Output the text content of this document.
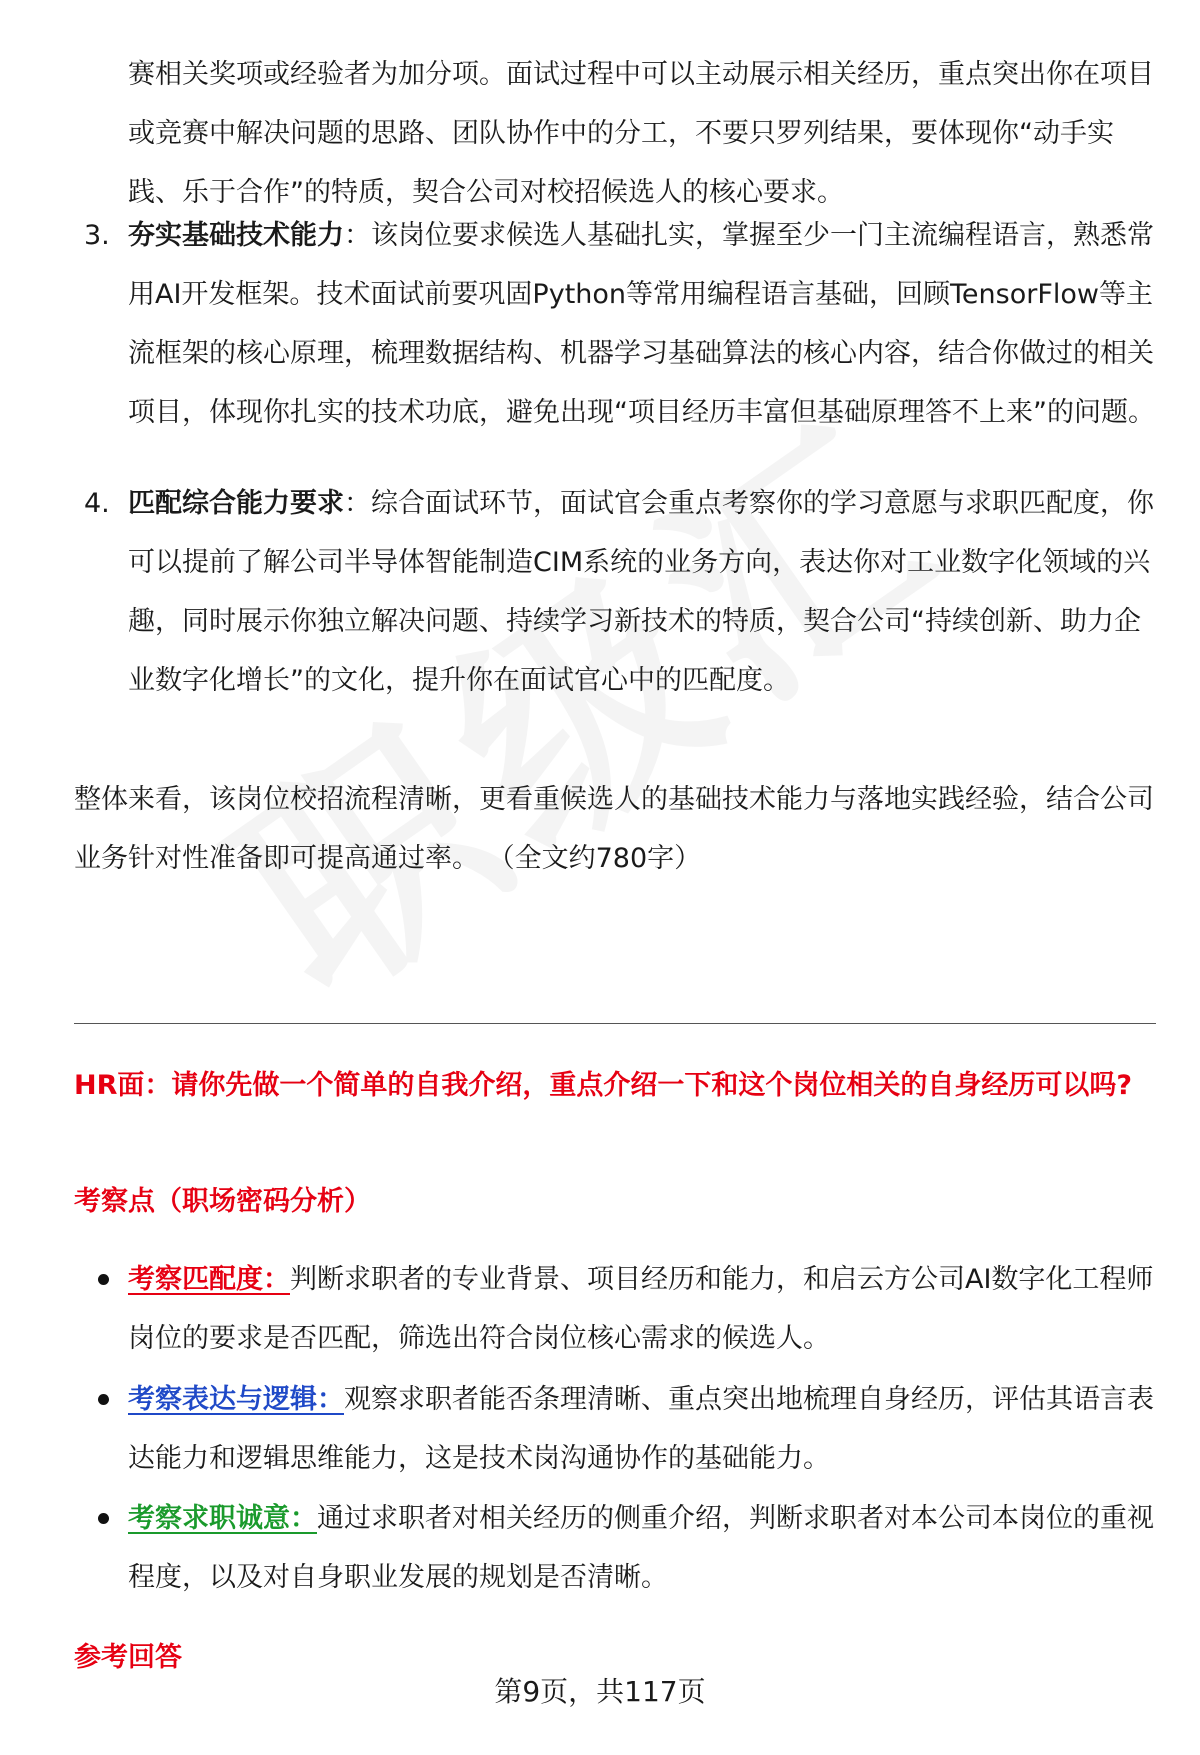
赛相关奖项或经验者为加分项。面试过程中可以主动展示相关经历，重点突出你在项目或竞赛中解决问题的思路、团队协作中的分工，不要只罗列结果，要体现你“动手实践、乐于合作”的特质，契合公司对校招候选人的核心要求。
3. 夯实基础技术能力：该岗位要求候选人基础扎实，掌握至少一门主流编程语言，熟悉常用AI开发框架。技术面试前要巩固Python等常用编程语言基础，回顾TensorFlow等主流框架的核心原理，梳理数据结构、机器学习基础算法的核心内容，结合你做过的相关项目，体现你扎实的技术功底，避免出现“项目经历丰富但基础原理答不上来”的问题。
4. 匹配综合能力要求：综合面试环节，面试官会重点考察你的学习意愿与求职匹配度，你可以提前了解公司半导体智能制造CIM系统的业务方向，表达你对工业数字化领域的兴趣，同时展示你独立解决问题、持续学习新技术的特质，契合公司“持续创新、助力企业数字化增长”的文化，提升你在面试官心中的匹配度。
整体来看，该岗位校招流程清晰，更看重候选人的基础技术能力与落地实践经验，结合公司业务针对性准备即可提高通过率。 （全文约780字）
HR面：请你先做一个简单的自我介绍，重点介绍一下和这个岗位相关的自身经历可以吗?
考察点（职场密码分析）
考察匹配度：判断求职者的专业背景、项目经历和能力，和启云方公司AI数字化工程师岗位的要求是否匹配，筛选出符合岗位核心需求的候选人。
考察表达与逻辑：观察求职者能否条理清晰、重点突出地梳理自身经历，评估其语言表达能力和逻辑思维能力，这是技术岗沟通协作的基础能力。
考察求职诚意：通过求职者对相关经历的侧重介绍，判断求职者对本公司本岗位的重视程度，以及对自身职业发展的规划是否清晰。
参考回答
第9页，共117页
